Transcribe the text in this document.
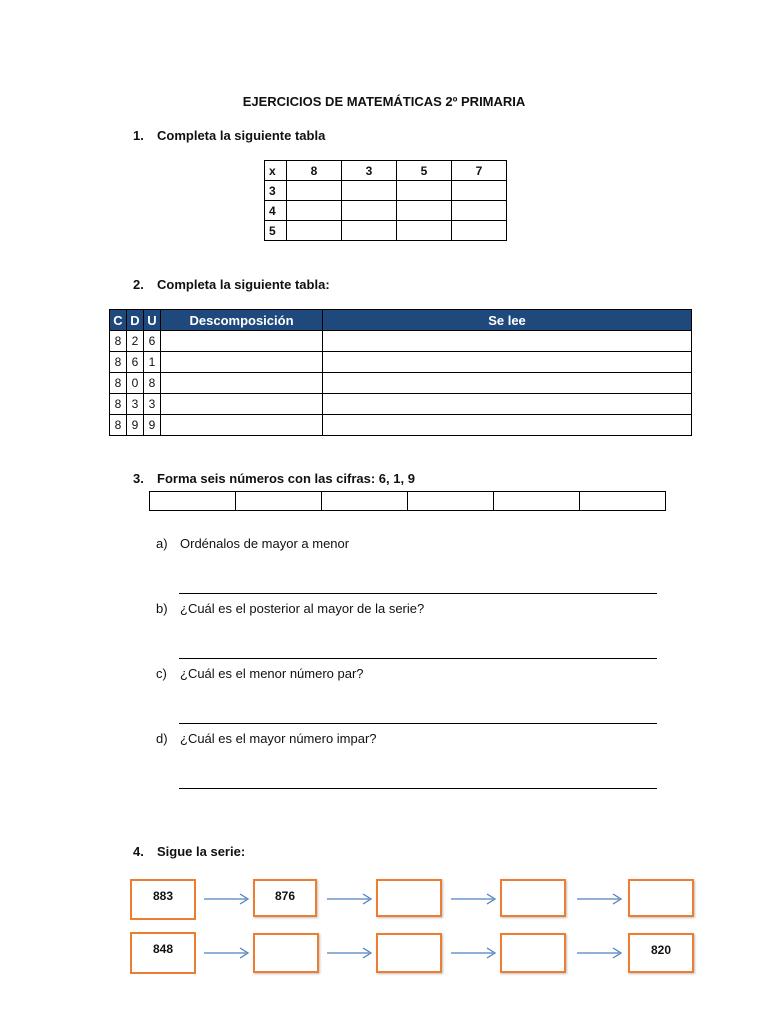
EJERCICIOS DE MATEMÁTICAS 2º PRIMARIA
1. Completa la siguiente tabla
x	8	3	5	7
3				
4				
5				
2. Completa la siguiente tabla:
C	D	U	Descomposición	Se lee
8	2	6		
8	6	1		
8	0	8		
8	3	3		
8	9	9		
3. Forma seis números con las cifras: 6, 1, 9

a) Ordénalos de mayor a menor
b) ¿Cuál es el posterior al mayor de la serie?
c) ¿Cuál es el menor número par?
d) ¿Cuál es el mayor número impar?
4. Sigue la serie:
883	876
848	820
